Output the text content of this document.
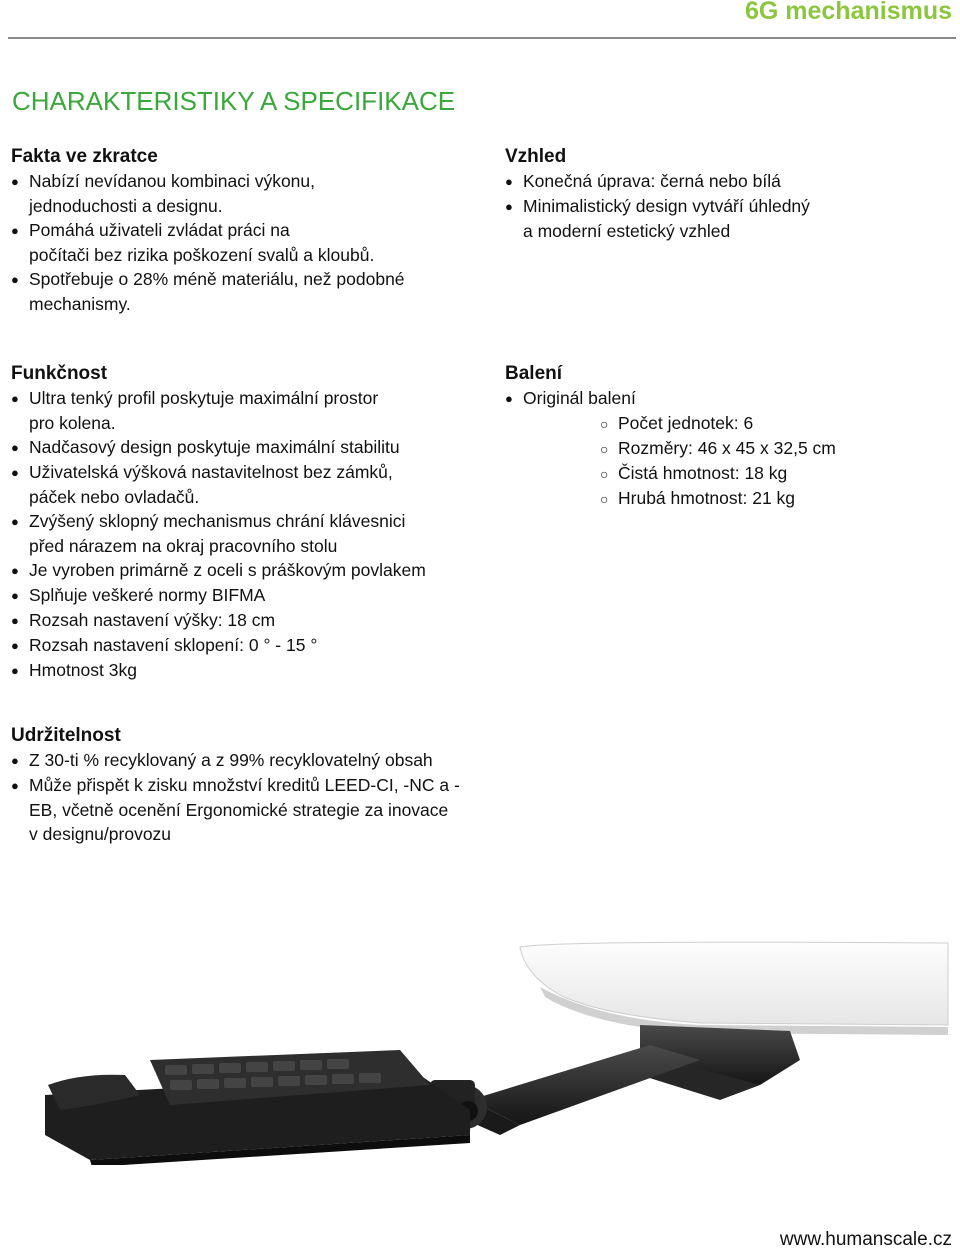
6G mechanismus
CHARAKTERISTIKY A SPECIFIKACE
Fakta ve zkratce
● Nabízí nevídanou kombinaci výkonu,
jednoduchosti a designu.
● Pomáhá uživateli zvládat práci na
počítači bez rizika poškození svalů a kloubů.
● Spotřebuje o 28% méně materiálu, než podobné
mechanismy.
Vzhled
● Konečná úprava: černá nebo bílá
● Minimalistický design vytváří úhledný
a moderní estetický vzhled
Funkčnost
● Ultra tenký profil poskytuje maximální prostor
pro kolena.
● Nadčasový design poskytuje maximální stabilitu
● Uživatelská výšková nastavitelnost bez zámků,
páček nebo ovladačů.
● Zvýšený sklopný mechanismus chrání klávesnici
před nárazem na okraj pracovního stolu
● Je vyroben primárně z oceli s práškovým povlakem
● Splňuje veškeré normy BIFMA
● Rozsah nastavení výšky: 18 cm
● Rozsah nastavení sklopení: 0 ° - 15 °
● Hmotnost 3kg
Balení
● Originál balení
○ Počet jednotek: 6
○ Rozměry: 46 x 45 x 32,5 cm
○ Čistá hmotnost: 18 kg
○ Hrubá hmotnost: 21 kg
Udržitelnost
● Z 30-ti % recyklovaný a z 99% recyklovatelný obsah
● Může přispět k zisku množství kreditů LEED-CI, -NC a -
EB, včetně ocenění Ergonomické strategie za inovace
v designu/provozu
www.humanscale.cz
